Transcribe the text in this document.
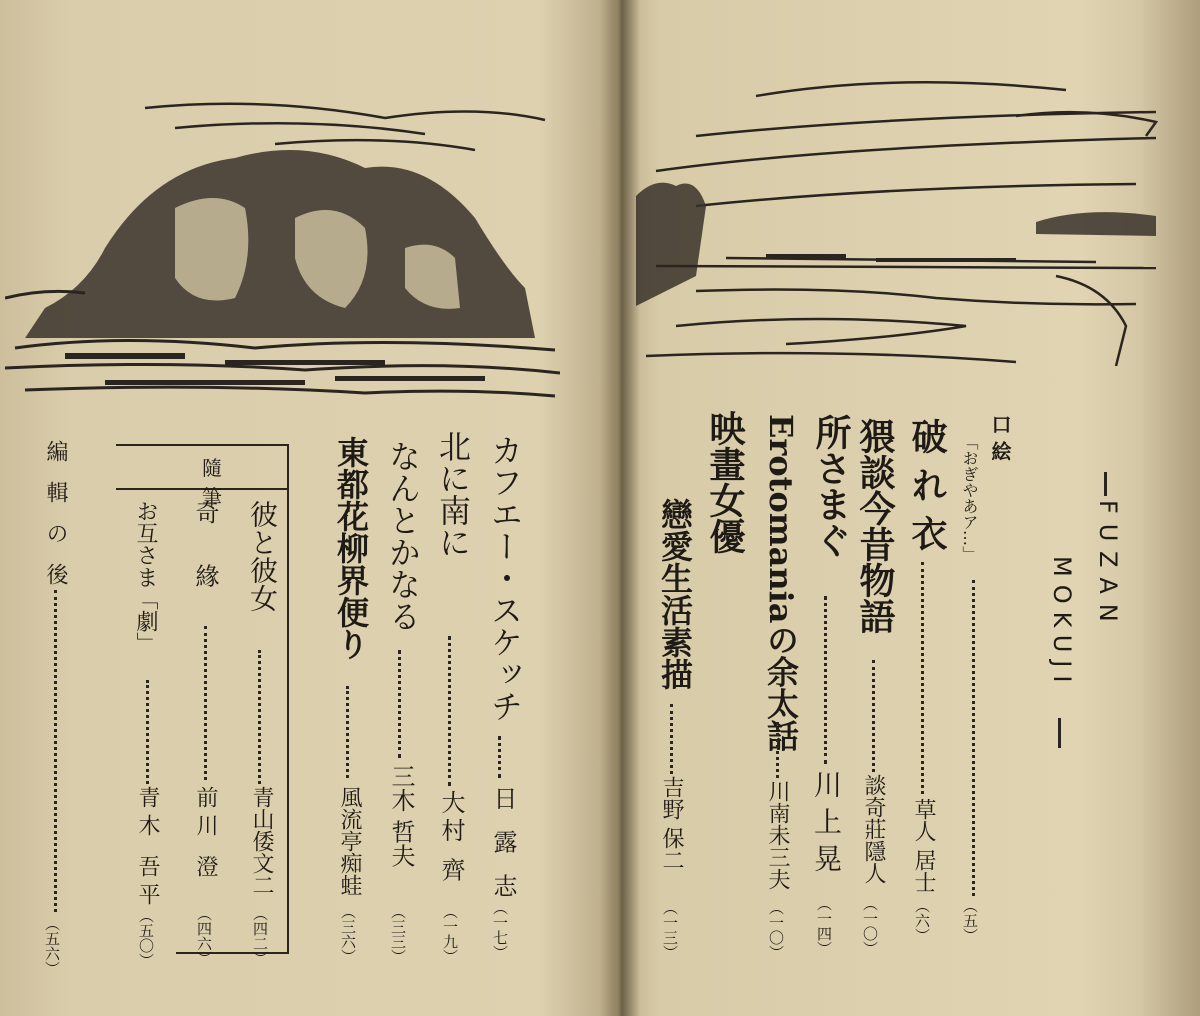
FUZAN
MOKUJI
口 絵
「おぎやあア…」
（五）
破 れ 衣
草人 居士
（六）
猥談今昔物語
談奇莊隱人
（一〇）
所さまぐ
川 上 晃
（一四）
Erotomaniaの余太話
川南未三夫
（一〇）
映畫女優
戀愛生活素描
吉野 保二
（一三）
カフエー・スケッチ
日 露 志
（一七）
北に南に
大村 齊
（一九）
なんとかなる
三木 哲夫
（三三）
東都花柳界便り
風流亭痴蛙
（三六）
隨 筆
彼と彼女
青山倭文二
（四二）
奇 緣
前川 澄
（四六）
お互さま「劇」
青木 吾平
（五〇）
編 輯 の 後
（五六）
